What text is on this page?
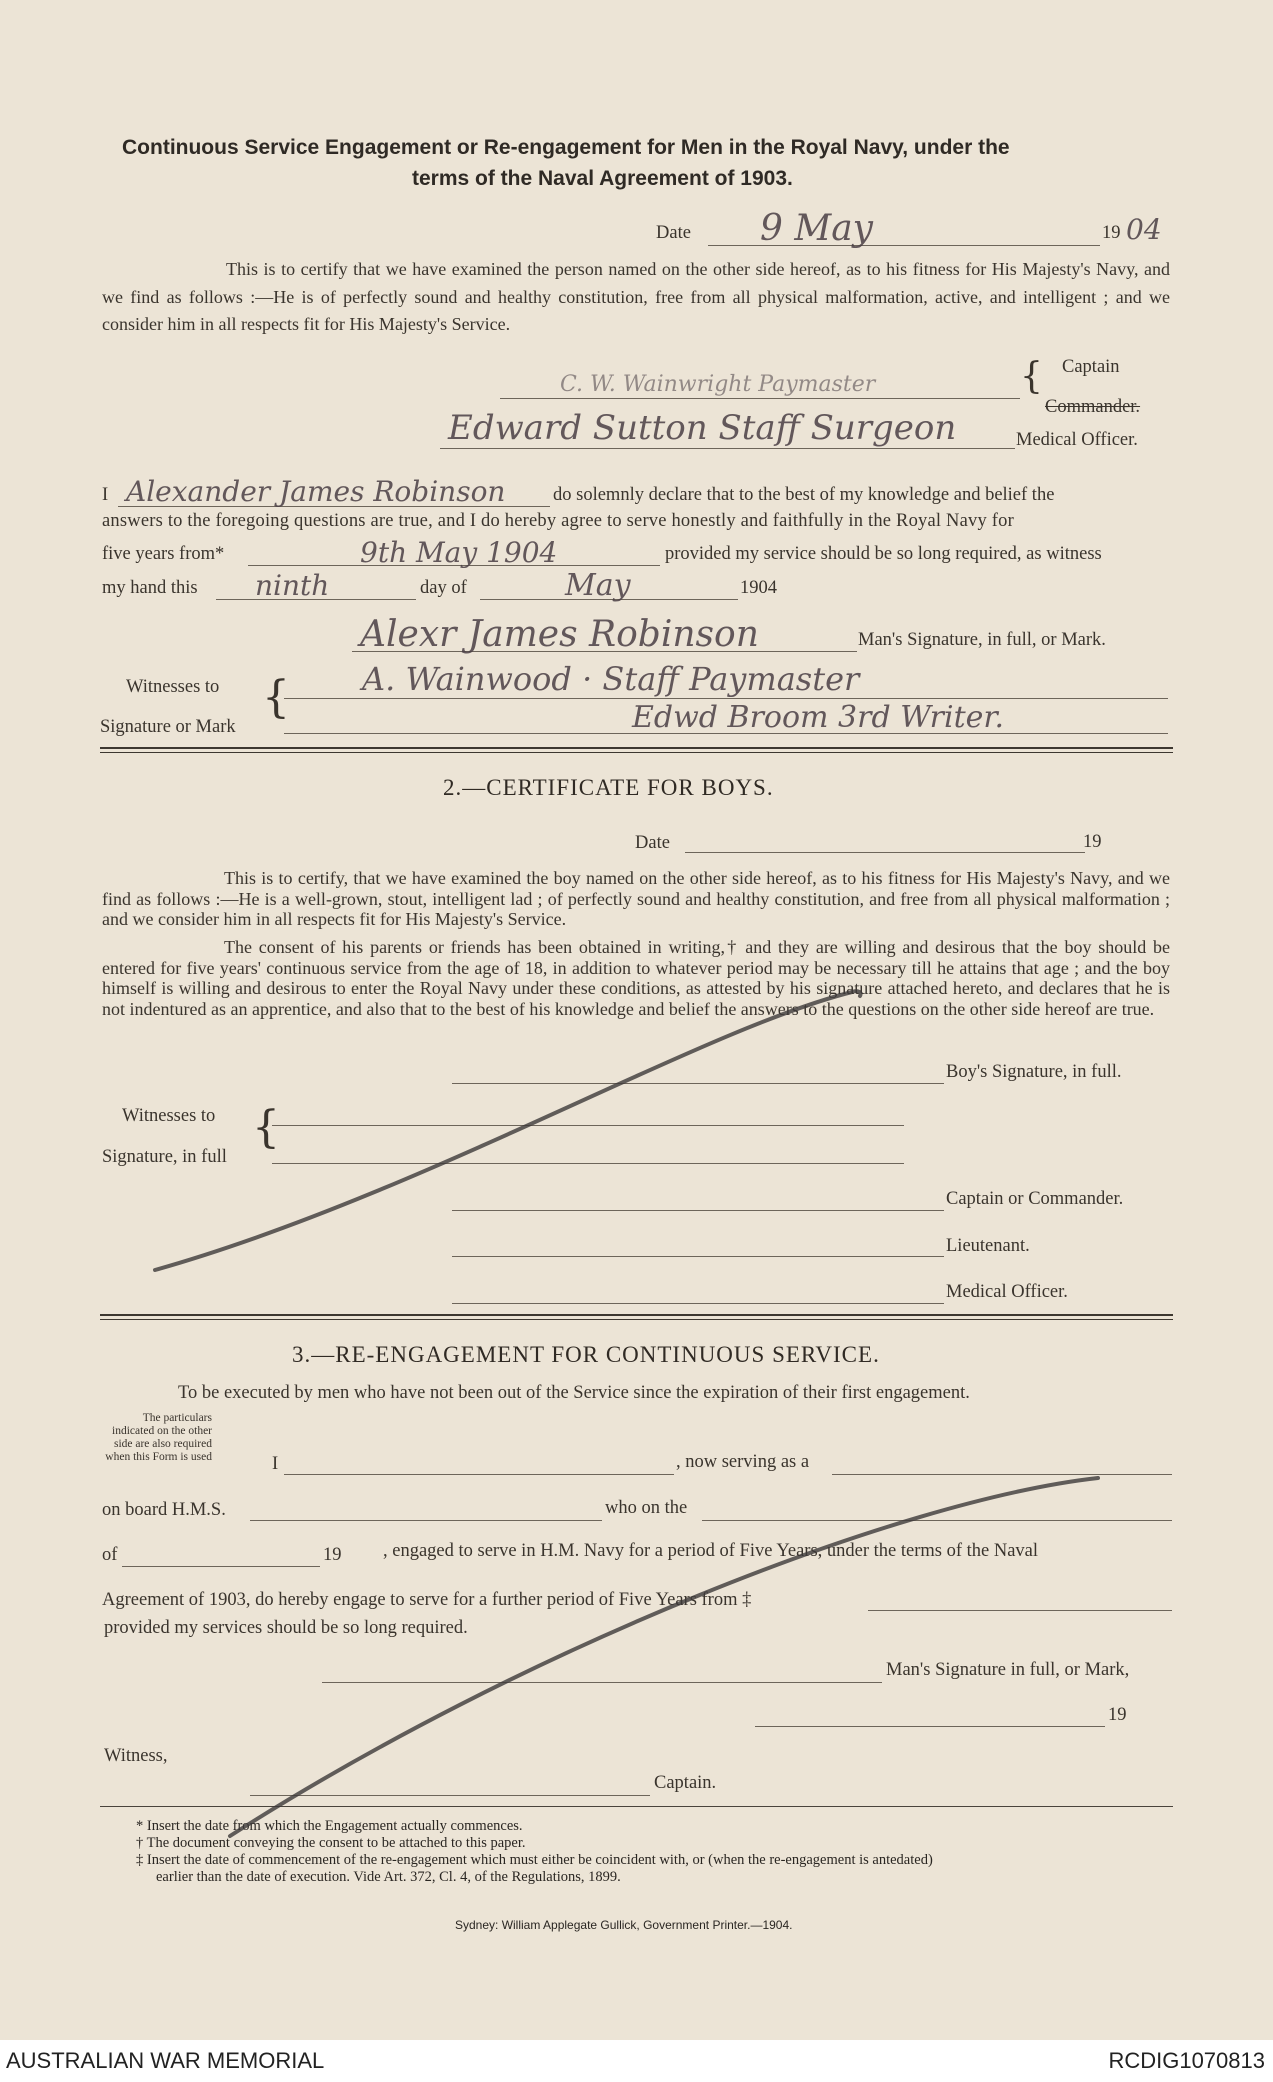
Continuous Service Engagement or Re-engagement for Men in the Royal Navy, under the
terms of the Naval Agreement of 1903.
Date 9 May	19 04
This is to certify that we have examined the person named on the other side hereof, as to his fitness for His Majesty's Navy, and we find as follows :—He is of perfectly sound and healthy constitution, free from all physical malformation, active, and intelligent ; and we consider him in all respects fit for His Majesty's Service.
{ Captain
Commander.
C. W. Wainwright Paymaster
Edward Sutton Staff Surgeon	Medical Officer.
I Alexander James Robinson	do solemnly declare that to the best of my knowledge and belief the
answers to the foregoing questions are true, and I do hereby agree to serve honestly and faithfully in the Royal Navy for
five years from*	9th May 1904	provided my service should be so long required, as witness
my hand this ninth	day of	May	1904
Alexr James Robinson	Man's Signature, in full, or Mark.
Witnesses to
Signature or Mark
{ A. Wainwood · Staff Paymaster
Edwd Broom 3rd Writer.
2.—CERTIFICATE FOR BOYS.
Date	19
This is to certify, that we have examined the boy named on the other side hereof, as to his fitness for His Majesty's Navy, and we find as follows :—He is a well-grown, stout, intelligent lad ; of perfectly sound and healthy constitution, and free from all physical malformation ; and we consider him in all respects fit for His Majesty's Service.
The consent of his parents or friends has been obtained in writing,† and they are willing and desirous that the boy should be entered for five years' continuous service from the age of 18, in addition to whatever period may be necessary till he attains that age ; and the boy himself is willing and desirous to enter the Royal Navy under these conditions, as attested by his signature attached hereto, and declares that he is not indentured as an apprentice, and also that to the best of his knowledge and belief the answers to the questions on the other side hereof are true.
Boy's Signature, in full.
Witnesses to
Signature, in full
{
Captain or Commander.
Lieutenant.
Medical Officer.
3.—RE-ENGAGEMENT FOR CONTINUOUS SERVICE.
To be executed by men who have not been out of the Service since the expiration of their first engagement.
The particulars indicated on the other side are also required when this Form is used	I	, now serving as a
on board H.M.S.	who on the
of	19 , engaged to serve in H.M. Navy for a period of Five Years, under the terms of the Naval
Agreement of 1903, do hereby engage to serve for a further period of Five Years from ‡
provided my services should be so long required.
Man's Signature in full, or Mark,
19
Witness,
Captain.
* Insert the date from which the Engagement actually commences.
† The document conveying the consent to be attached to this paper.
‡ Insert the date of commencement of the re-engagement which must either be coincident with, or (when the re-engagement is antedated)
earlier than the date of execution. Vide Art. 372, Cl. 4, of the Regulations, 1899.
Sydney: William Applegate Gullick, Government Printer.—1904.
AUSTRALIAN WAR MEMORIAL	RCDIG1070813
